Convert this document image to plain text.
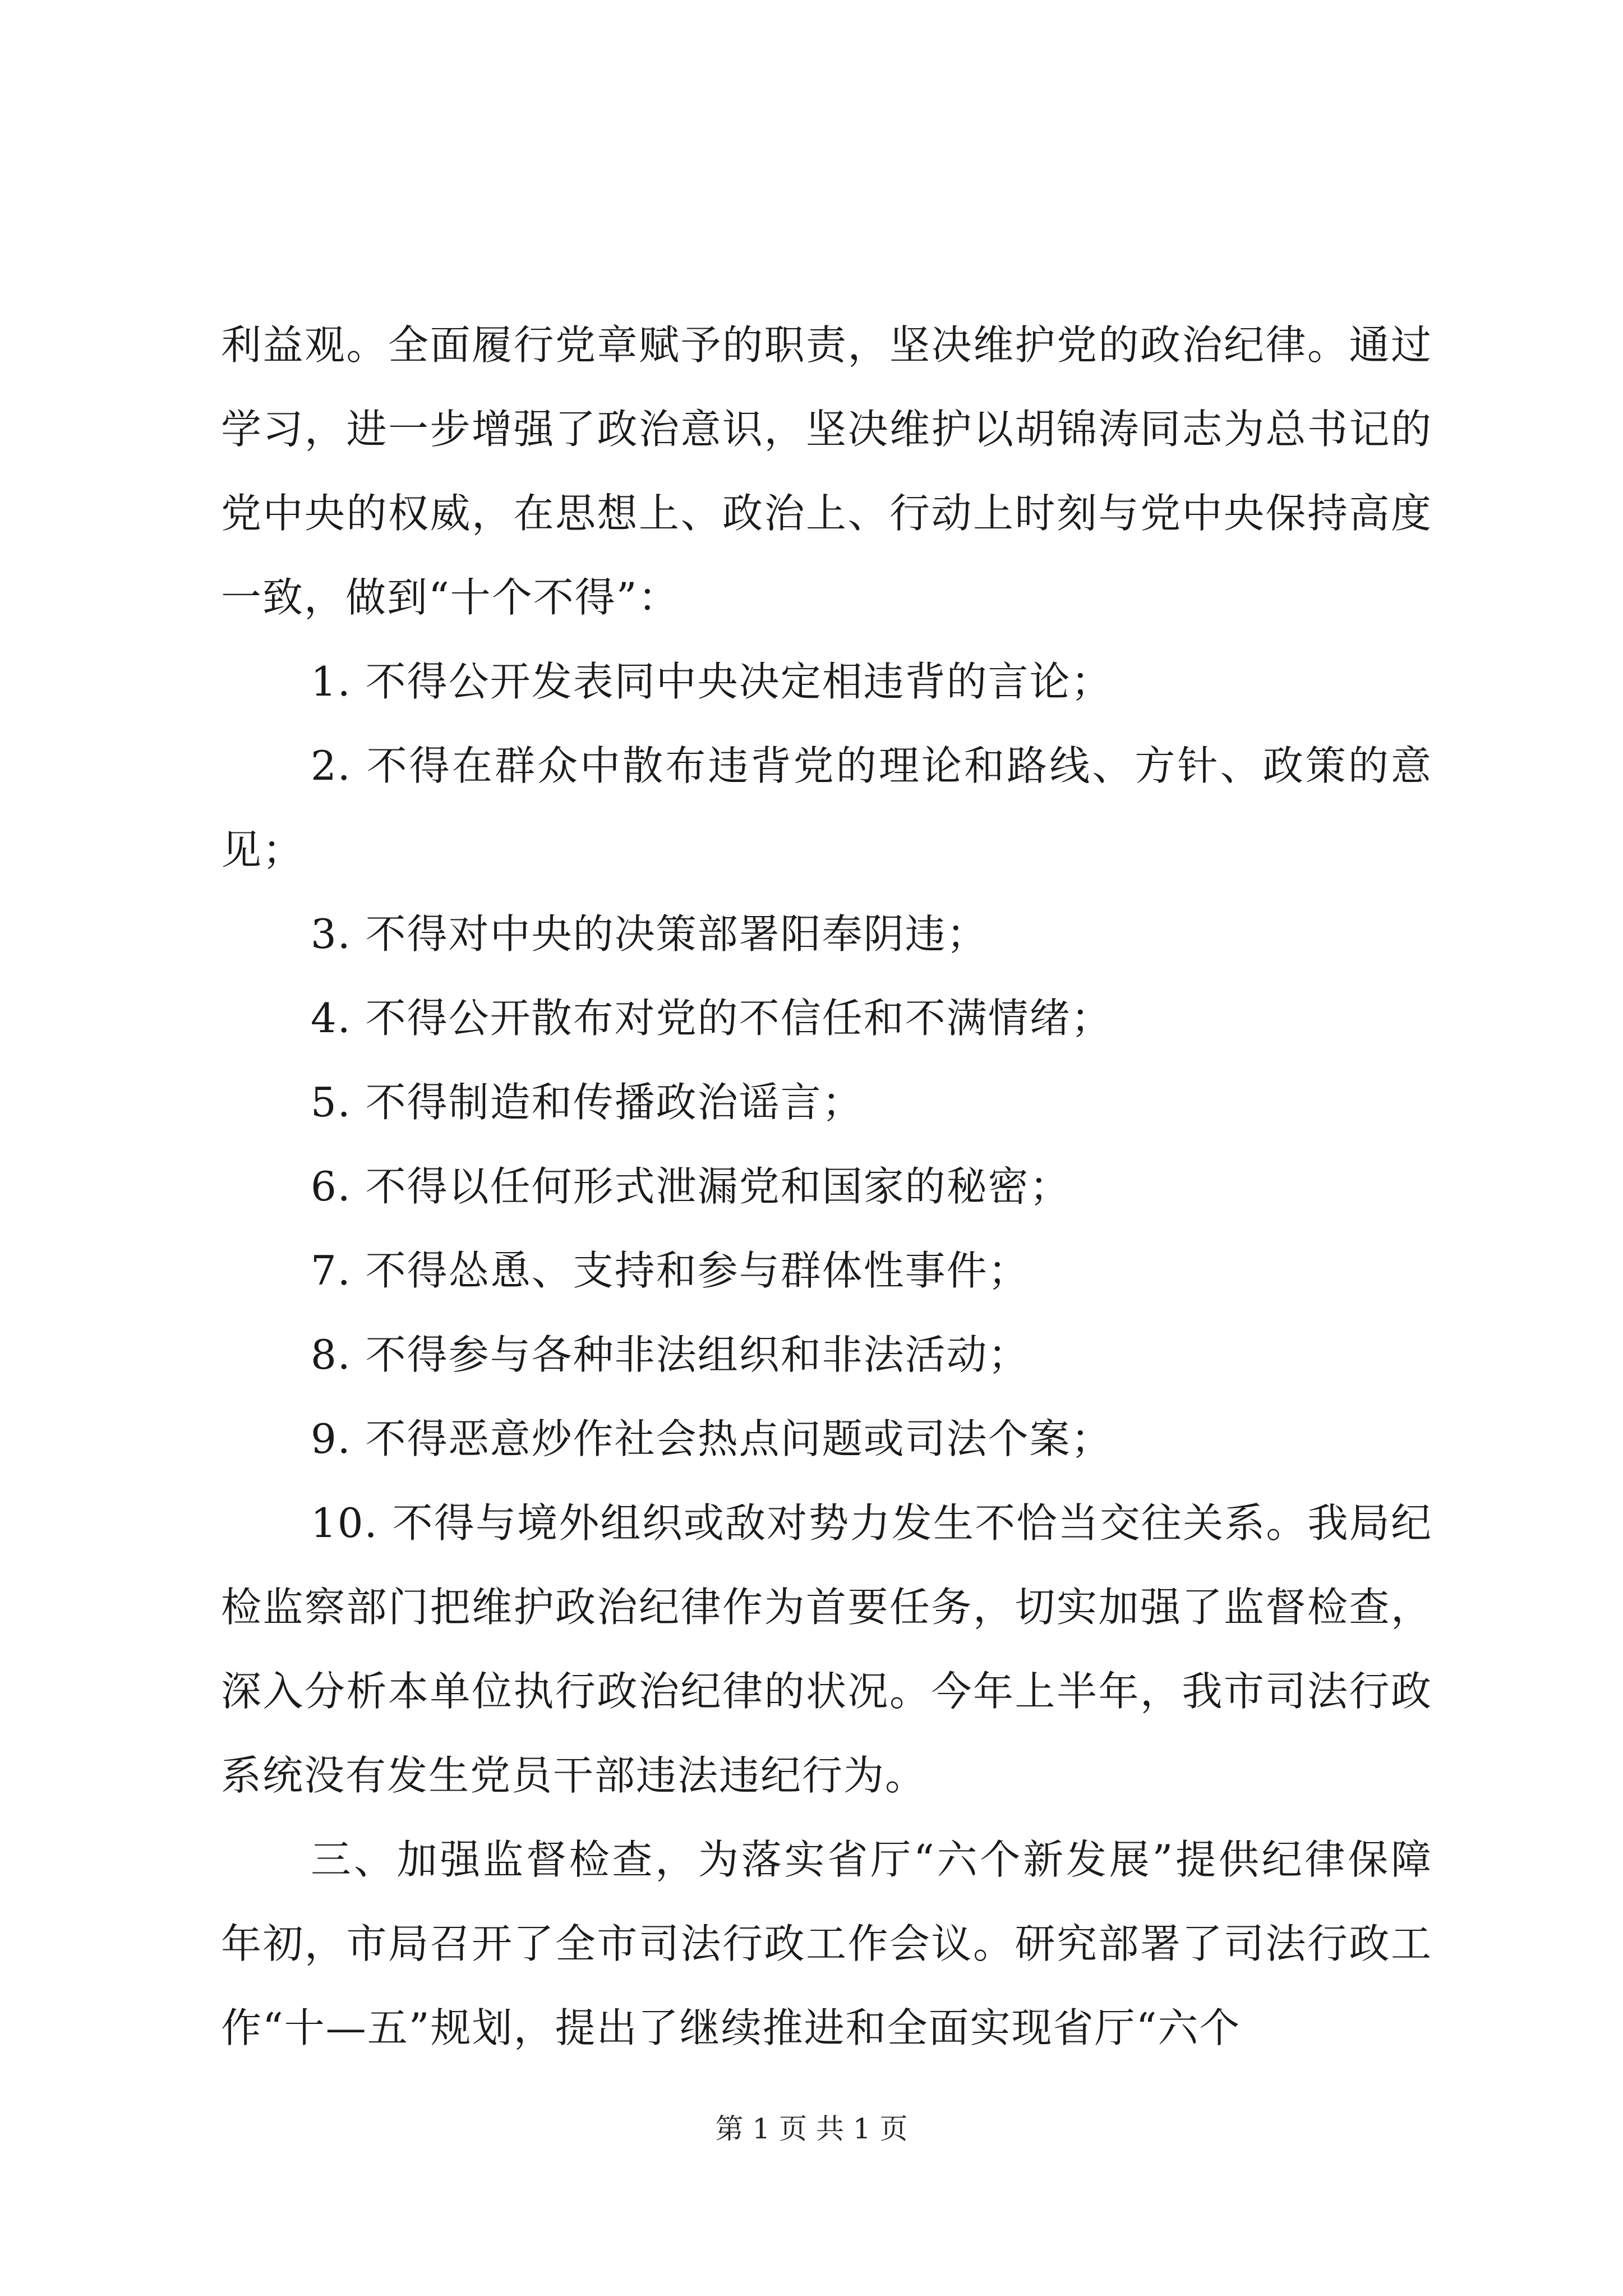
利益观。全面履行党章赋予的职责，坚决维护党的政治纪律。通过学习，进一步增强了政治意识，坚决维护以胡锦涛同志为总书记的党中央的权威，在思想上、政治上、行动上时刻与党中央保持高度一致，做到“十个不得”：

1. 不得公开发表同中央决定相违背的言论；

2. 不得在群众中散布违背党的理论和路线、方针、政策的意见；

3. 不得对中央的决策部署阳奉阴违；

4. 不得公开散布对党的不信任和不满情绪；

5. 不得制造和传播政治谣言；

6. 不得以任何形式泄漏党和国家的秘密；

7. 不得怂恿、支持和参与群体性事件；

8. 不得参与各种非法组织和非法活动；

9. 不得恶意炒作社会热点问题或司法个案；

10. 不得与境外组织或敌对势力发生不恰当交往关系。我局纪检监察部门把维护政治纪律作为首要任务，切实加强了监督检查，深入分析本单位执行政治纪律的状况。今年上半年，我市司法行政系统没有发生党员干部违法违纪行为。

三、加强监督检查，为落实省厅“六个新发展”提供纪律保障年初，市局召开了全市司法行政工作会议。研究部署了司法行政工作“十—五”规划，提出了继续推进和全面实现省厅“六个

第 1 页 共 1 页
